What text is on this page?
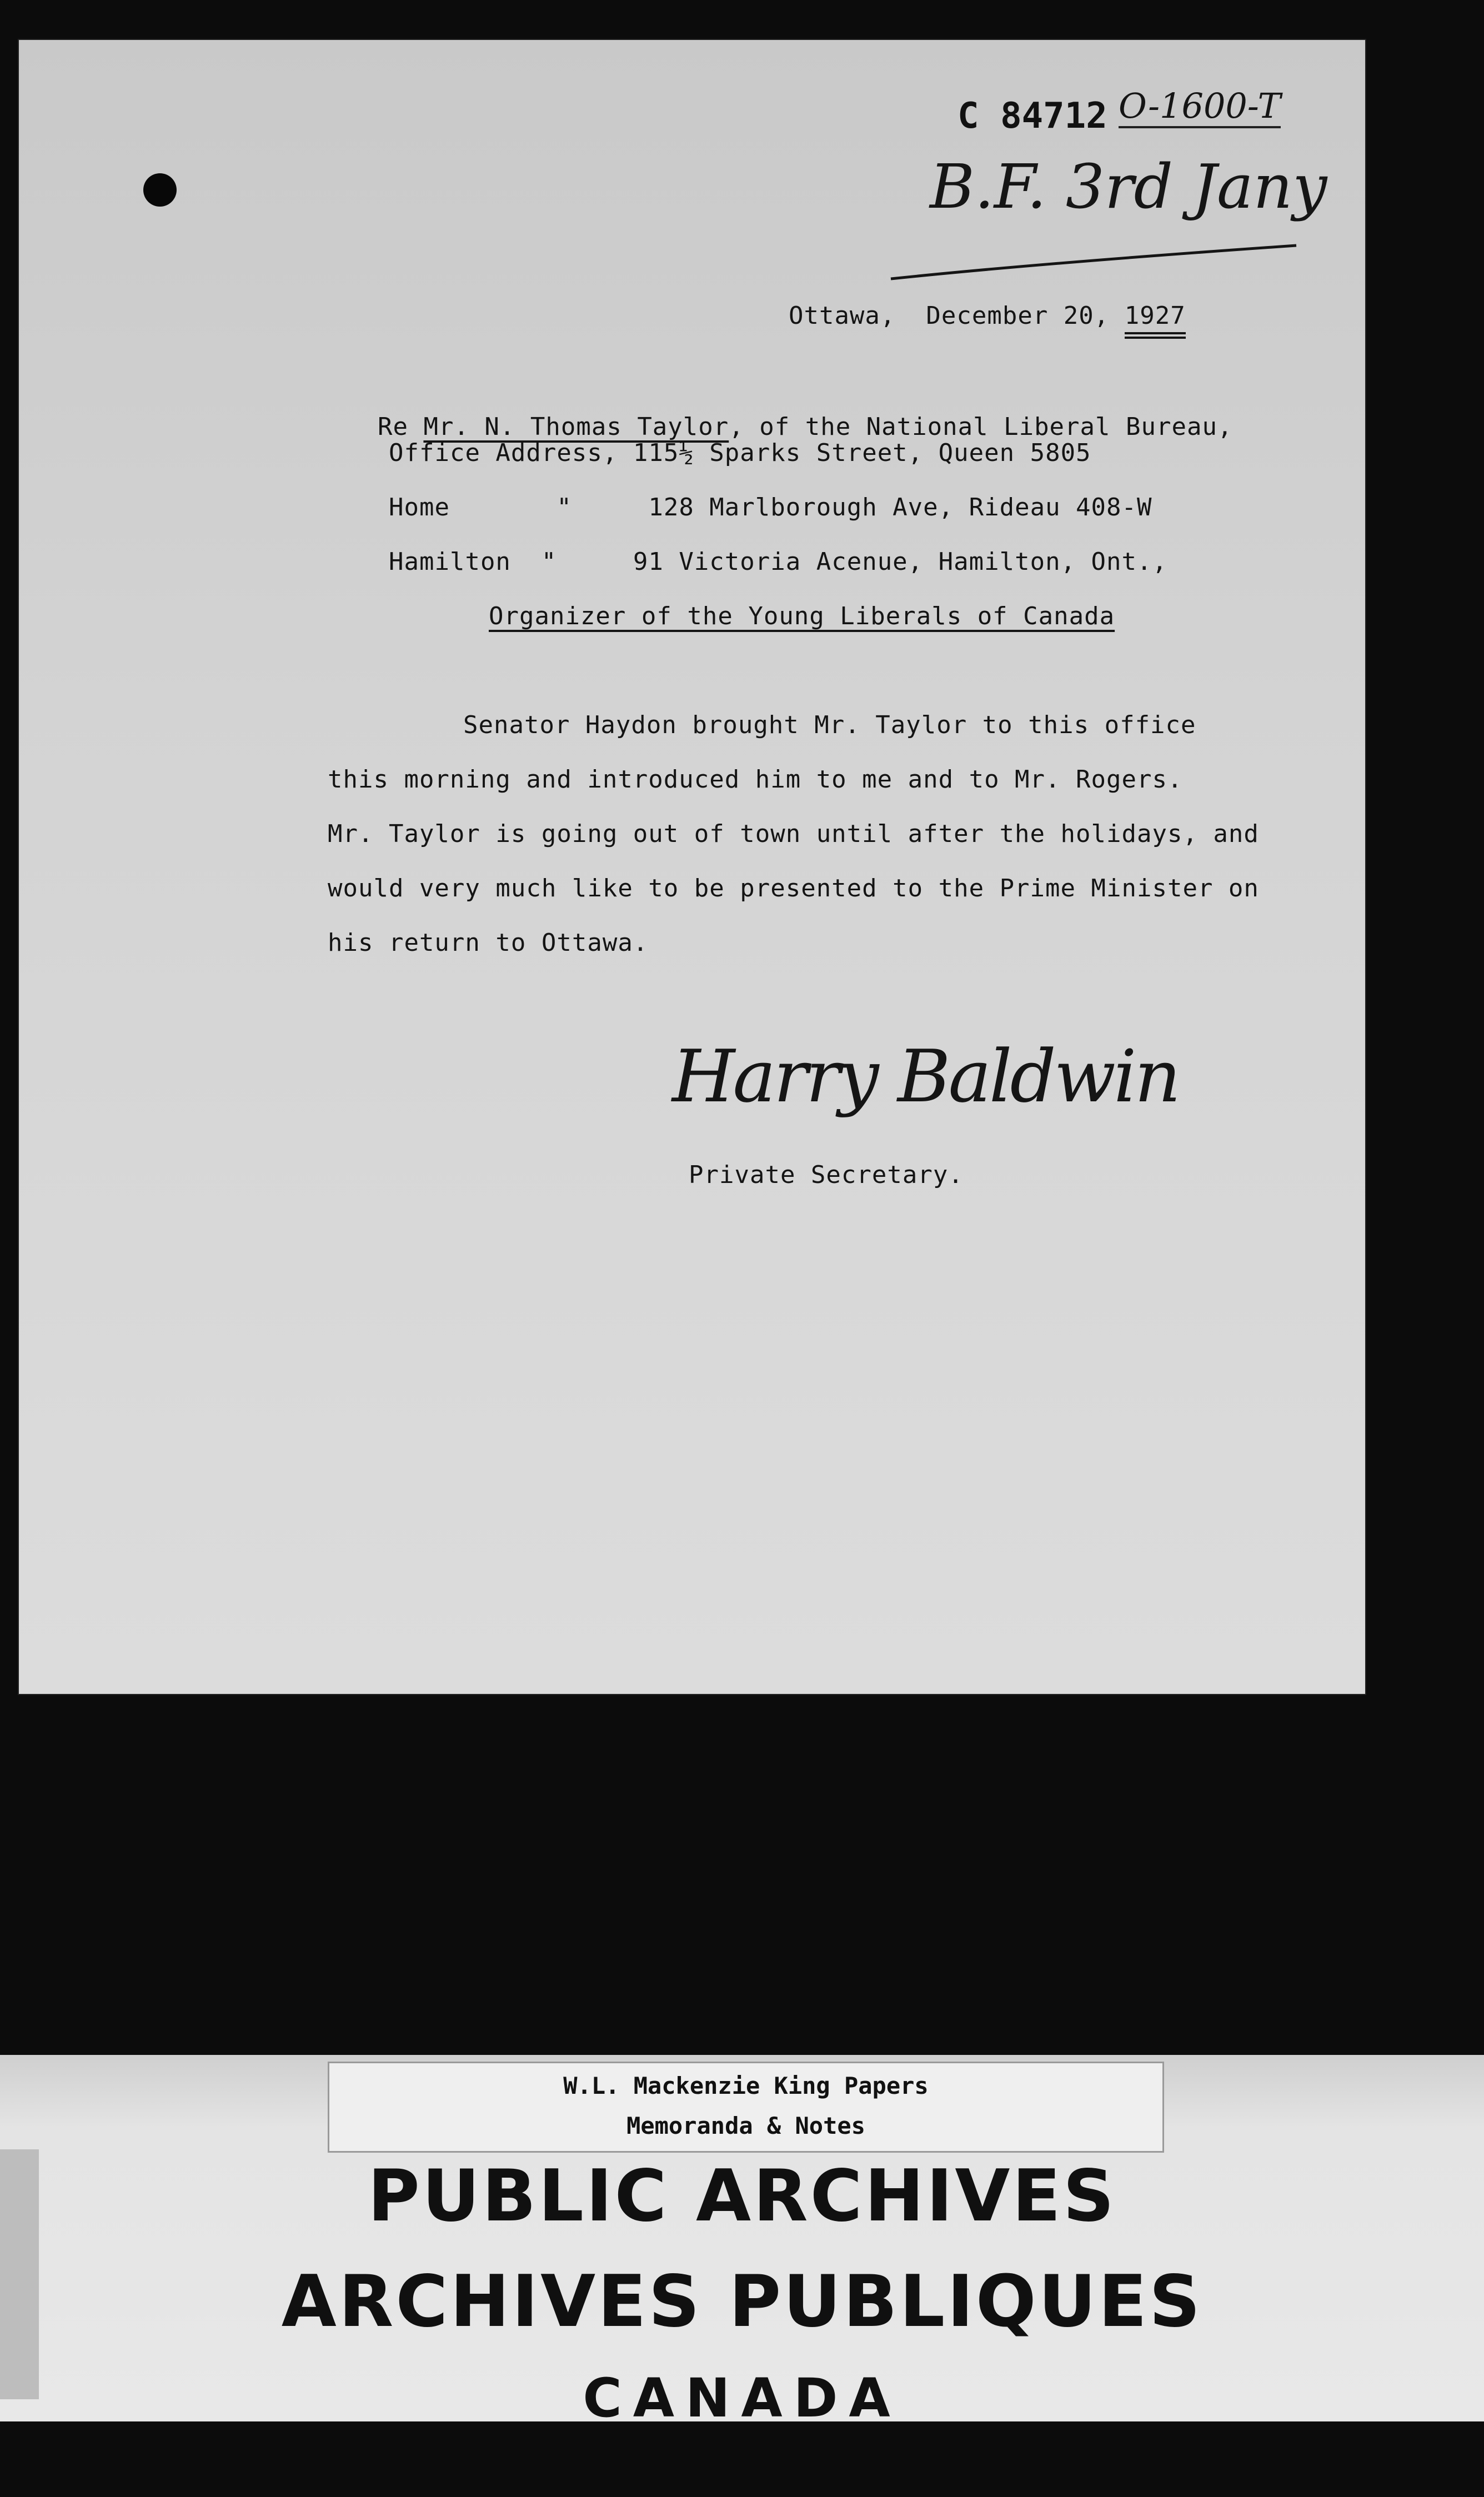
C 84712 O-1600-T
B.F. 3rd Jany

Ottawa,  December 20, 1927

Re Mr. N. Thomas Taylor, of the National Liberal Bureau,

Office Address, 115½ Sparks Street, Queen 5805
Home       "     128 Marlborough Ave, Rideau 408-W
Hamilton  "     91 Victoria Acenue, Hamilton, Ont.,
Organizer of the Young Liberals of Canada
Senator Haydon brought Mr. Taylor to this office
this morning and introduced him to me and to Mr. Rogers.
Mr. Taylor is going out of town until after the holidays, and
would very much like to be presented to the Prime Minister on
his return to Ottawa.
Harry Baldwin
Private Secretary.
W.L. Mackenzie King Papers
Memoranda & Notes
PUBLIC ARCHIVES
ARCHIVES PUBLIQUES
CANADA
